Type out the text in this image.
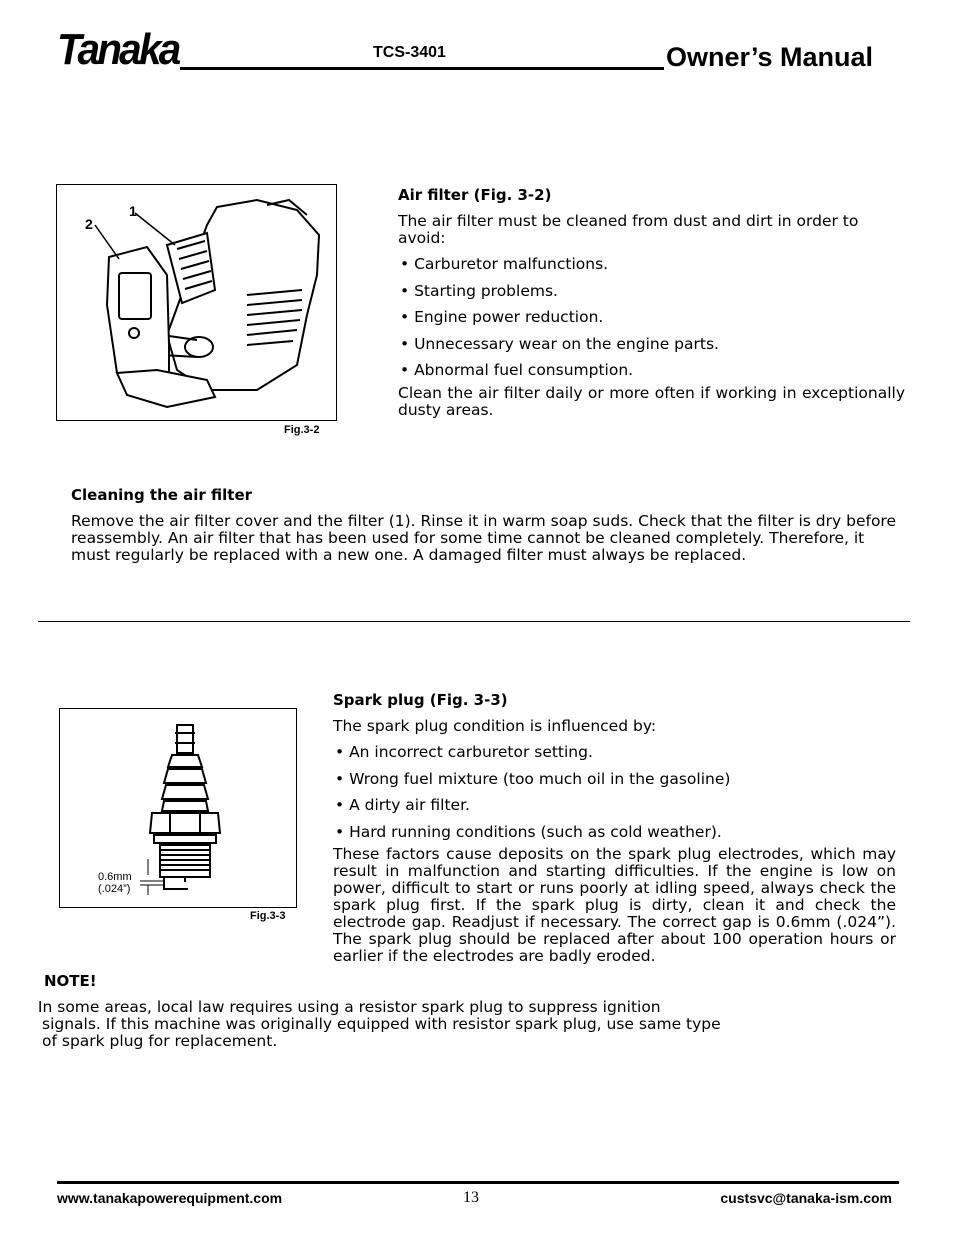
Tanaka	TCS-3401	Owner’s Manual
1
2
Fig.3-2
Air filter (Fig. 3-2)
The air filter must be cleaned from dust and dirt in order to avoid:
• Carburetor malfunctions.
• Starting problems.
• Engine power reduction.
• Unnecessary wear on the engine parts.
• Abnormal fuel consumption.
Clean the air filter daily or more often if working in exceptionally dusty areas.
Cleaning the air filter
Remove the air filter cover and the filter (1). Rinse it in warm soap suds. Check that the filter is dry before reassembly. An air filter that has been used for some time cannot be cleaned completely. Therefore, it must regularly be replaced with a new one. A damaged filter must always be replaced.
0.6mm
(.024”)
Fig.3-3
Spark plug (Fig. 3-3)
The spark plug condition is influenced by:
• An incorrect carburetor setting.
• Wrong fuel mixture (too much oil in the gasoline)
• A dirty air filter.
• Hard running conditions (such as cold weather).
These factors cause deposits on the spark plug electrodes, which may result in malfunction and starting difficulties. If the engine is low on power, difficult to start or runs poorly at idling speed, always check the spark plug first. If the spark plug is dirty, clean it and check the electrode gap. Readjust if necessary. The correct gap is 0.6mm (.024”). The spark plug should be replaced after about 100 operation hours or earlier if the electrodes are badly eroded.
NOTE!
In some areas, local law requires using a resistor spark plug to suppress ignition
signals. If this machine was originally equipped with resistor spark plug, use same type
of spark plug for replacement.
www.tanakapowerequipment.com	13	custsvc@tanaka-ism.com
